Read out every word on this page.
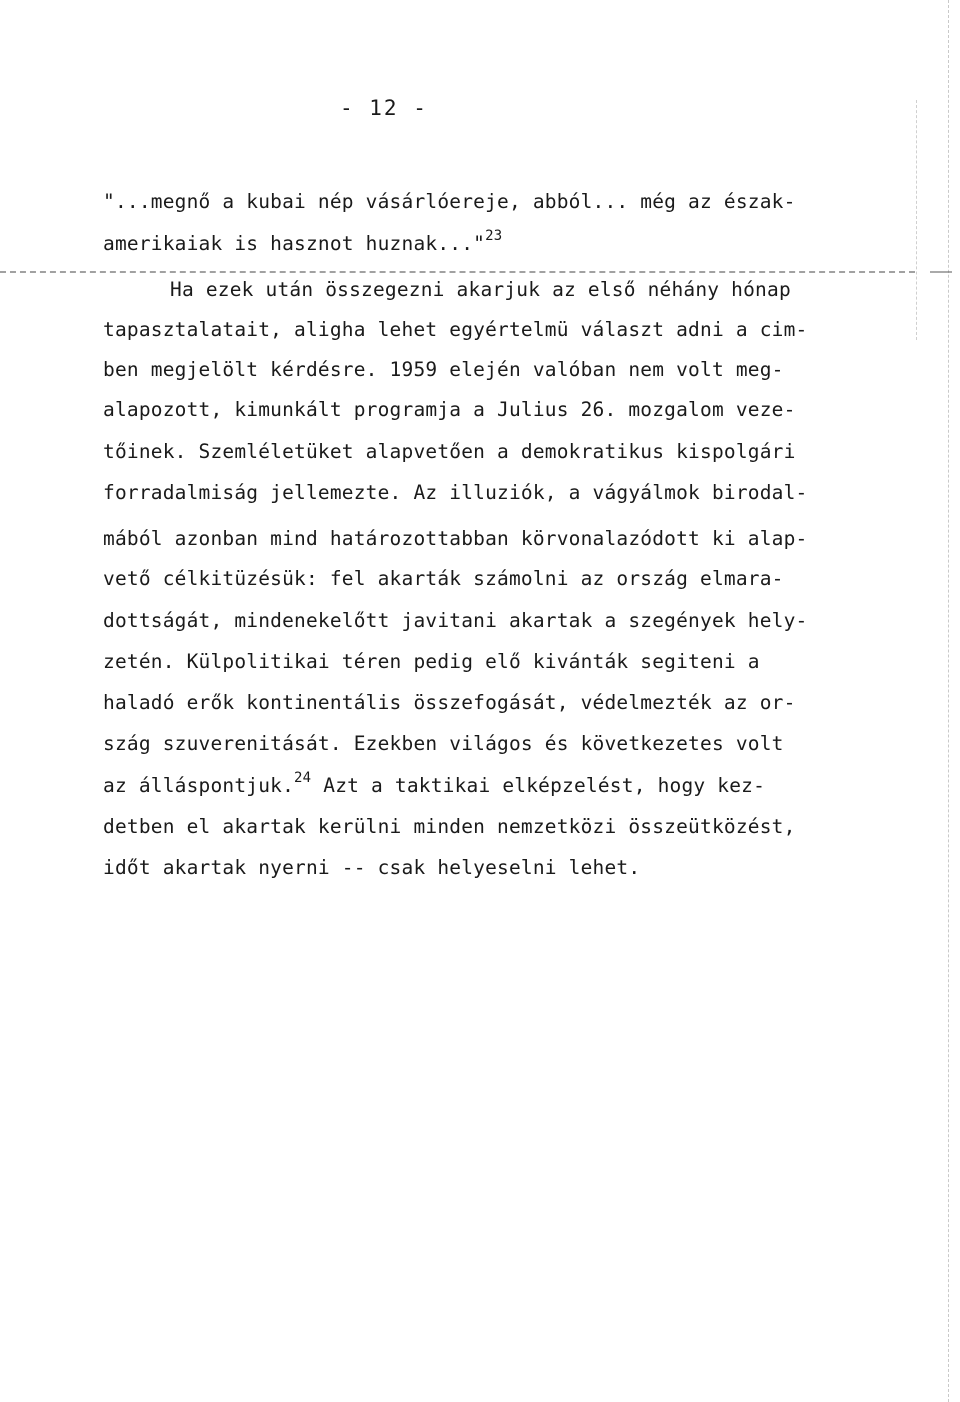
- 12 -
"...megnő a kubai nép vásárlóereje, abból... még az észak-
amerikaiak is hasznot huznak..."$^{23}$
Ha ezek után összegezni akarjuk az első néhány hónap
tapasztalatait, aligha lehet egyértelmü választ adni a cim-
ben megjelölt kérdésre. 1959 elején valóban nem volt meg-
alapozott, kimunkált programja a Julius 26. mozgalom veze-
tőinek. Szemléletüket alapvetően a demokratikus kispolgári
forradalmiság jellemezte. Az illuziók, a vágyálmok birodal-
mából azonban mind határozottabban körvonalazódott ki alap-
vető célkitüzésük: fel akarták számolni az ország elmara-
dottságát, mindenekelőtt javitani akartak a szegények hely-
zetén. Külpolitikai téren pedig elő kivánták segiteni a
haladó erők kontinentális összefogását, védelmezték az or-
szág szuverenitását. Ezekben világos és következetes volt
az álláspontjuk.$^{24}$ Azt a taktikai elképzelést, hogy kez-
detben el akartak kerülni minden nemzetközi összeütközést,
időt akartak nyerni -- csak helyeselni lehet.
